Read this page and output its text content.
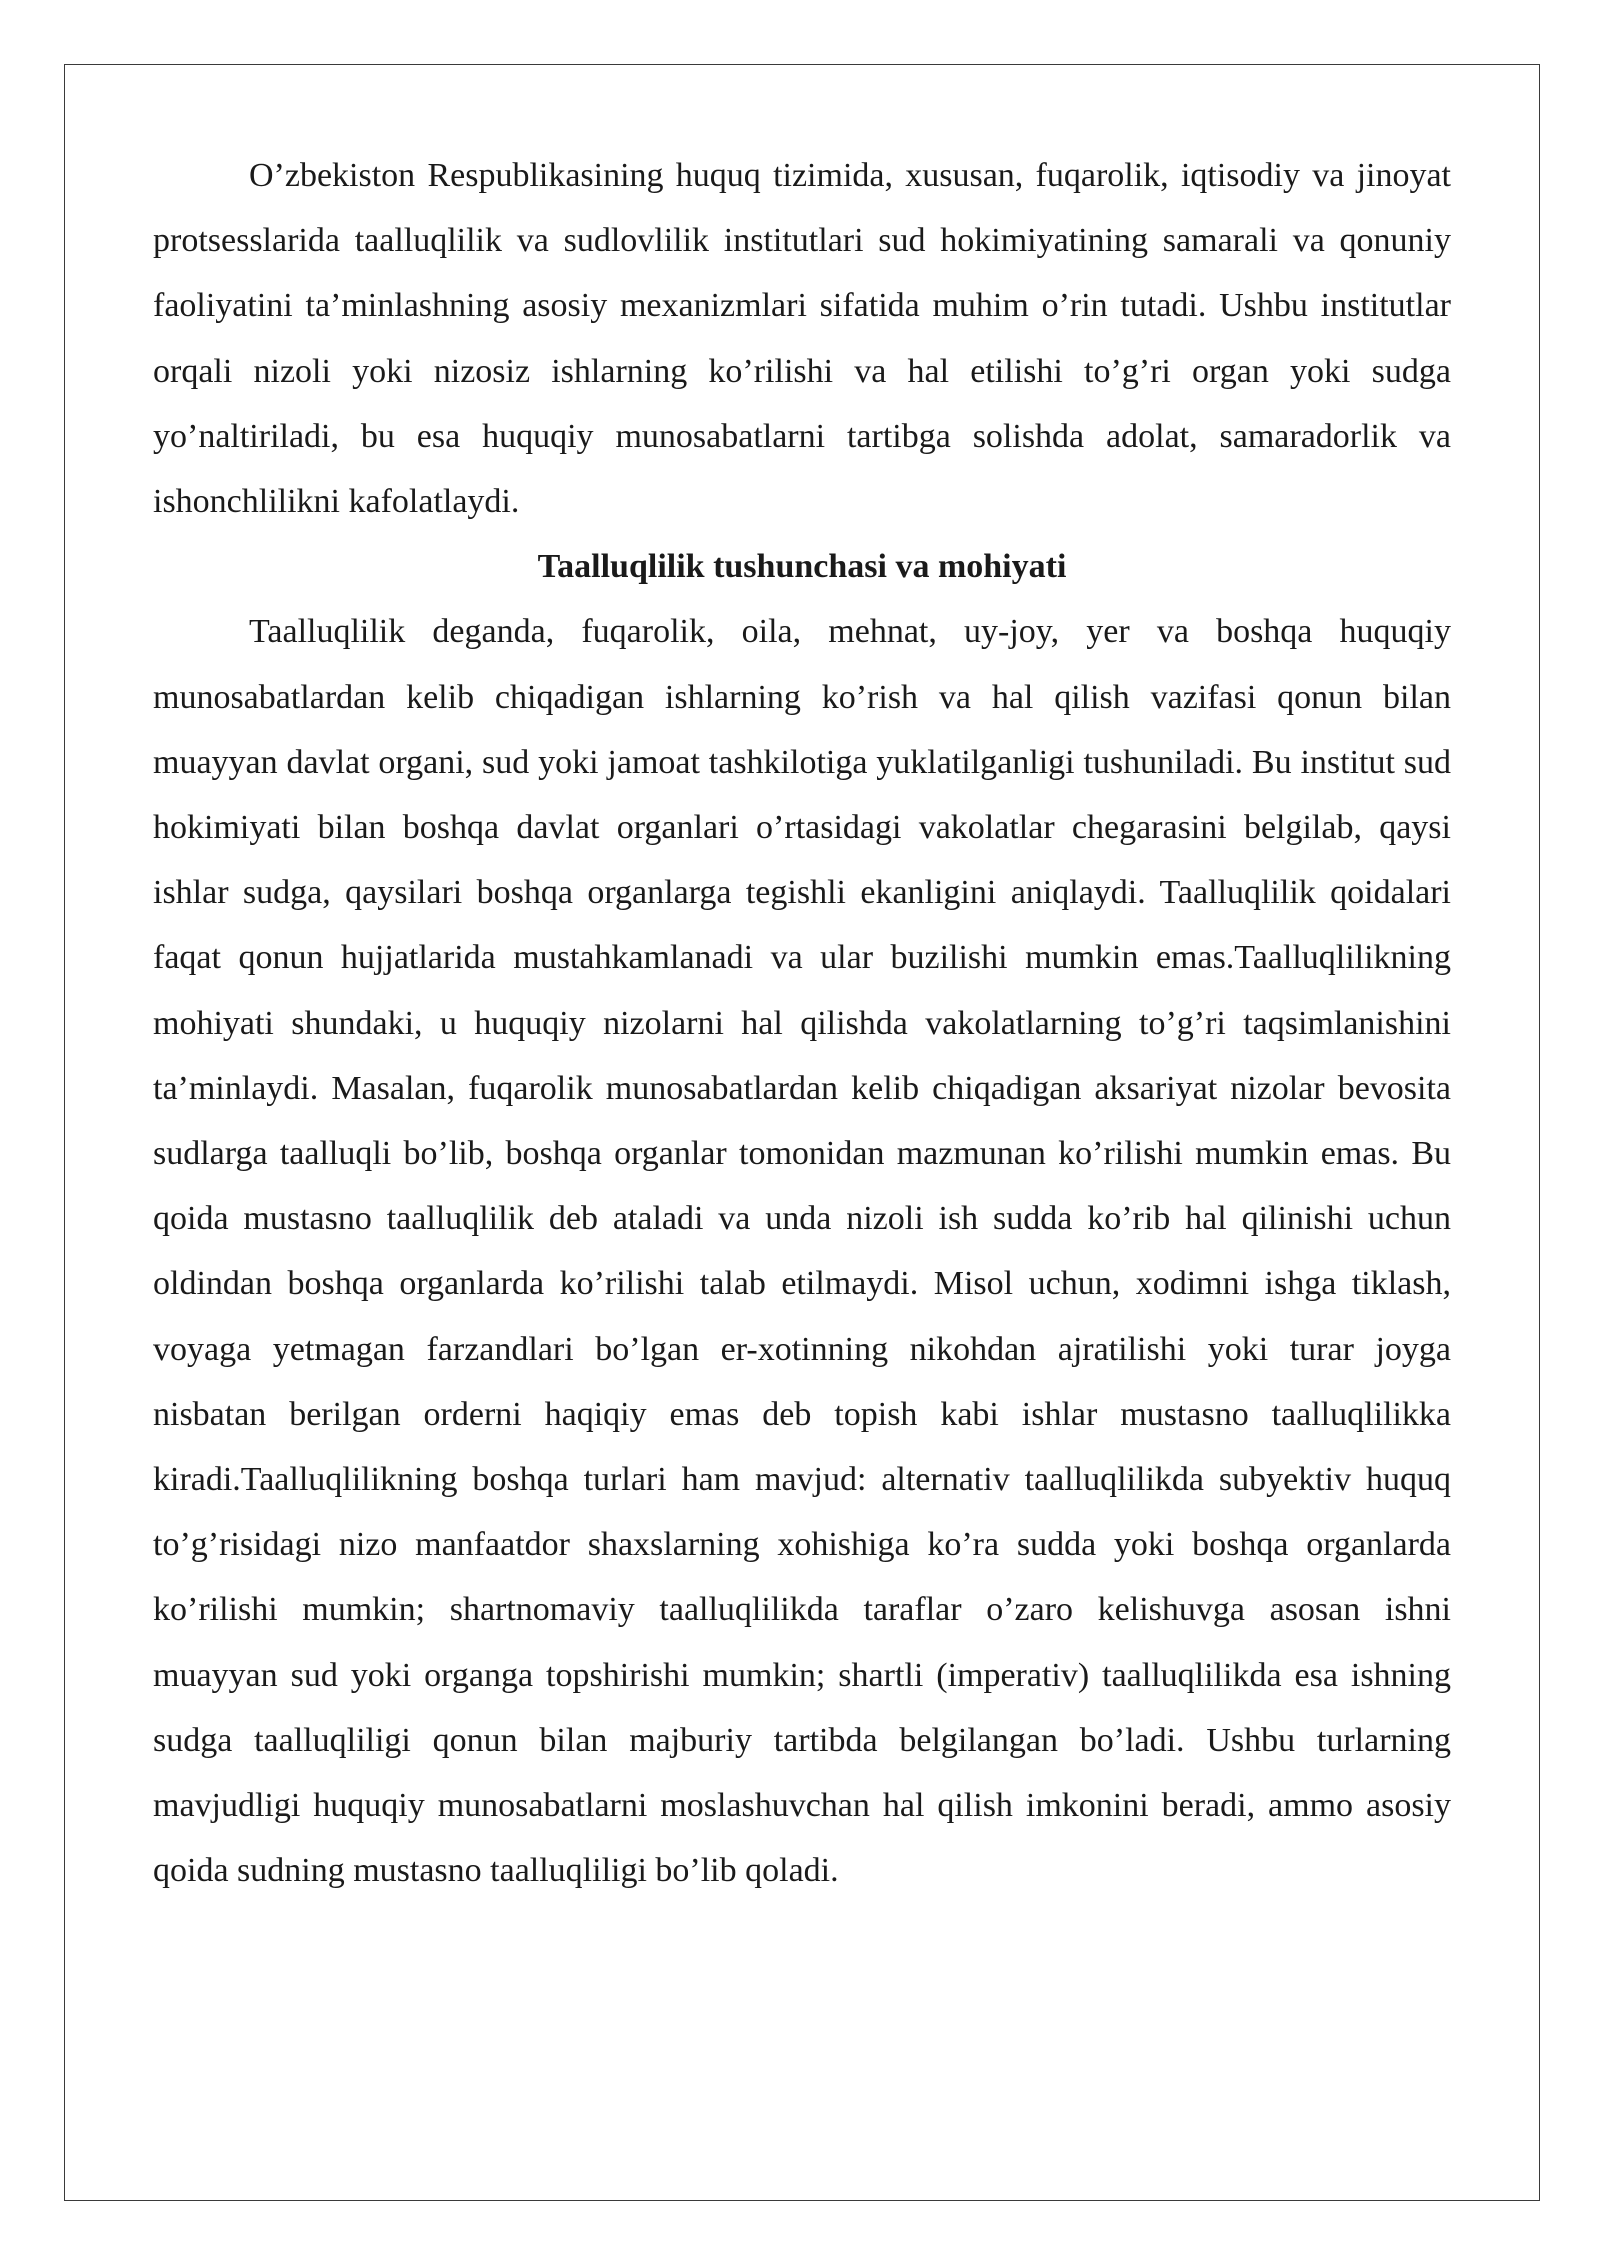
O’zbekiston Respublikasining huquq tizimida, xususan, fuqarolik, iqtisodiy va jinoyat protsesslarida taalluqlilik va sudlovlilik institutlari sud hokimiyatining samarali va qonuniy faoliyatini ta’minlashning asosiy mexanizmlari sifatida muhim o’rin tutadi. Ushbu institutlar orqali nizoli yoki nizosiz ishlarning ko’rilishi va hal etilishi to’g’ri organ yoki sudga yo’naltiriladi, bu esa huquqiy munosabatlarni tartibga solishda adolat, samaradorlik va ishonchlilikni kafolatlaydi.

Taalluqlilik tushunchasi va mohiyati

Taalluqlilik deganda, fuqarolik, oila, mehnat, uy-joy, yer va boshqa huquqiy munosabatlardan kelib chiqadigan ishlarning ko’rish va hal qilish vazifasi qonun bilan muayyan davlat organi, sud yoki jamoat tashkilotiga yuklatilganligi tushuniladi. Bu institut sud hokimiyati bilan boshqa davlat organlari o’rtasidagi vakolatlar chegarasini belgilab, qaysi ishlar sudga, qaysilari boshqa organlarga tegishli ekanligini aniqlaydi. Taalluqlilik qoidalari faqat qonun hujjatlarida mustahkamlanadi va ular buzilishi mumkin emas.Taalluqlilikning mohiyati shundaki, u huquqiy nizolarni hal qilishda vakolatlarning to’g’ri taqsimlanishini ta’minlaydi. Masalan, fuqarolik munosabatlardan kelib chiqadigan aksariyat nizolar bevosita sudlarga taalluqli bo’lib, boshqa organlar tomonidan mazmunan ko’rilishi mumkin emas. Bu qoida mustasno taalluqlilik deb ataladi va unda nizoli ish sudda ko’rib hal qilinishi uchun oldindan boshqa organlarda ko’rilishi talab etilmaydi. Misol uchun, xodimni ishga tiklash, voyaga yetmagan farzandlari bo’lgan er-xotinning nikohdan ajratilishi yoki turar joyga nisbatan berilgan orderni haqiqiy emas deb topish kabi ishlar mustasno taalluqlilikka kiradi.Taalluqlilikning boshqa turlari ham mavjud: alternativ taalluqlilikda subyektiv huquq to’g’risidagi nizo manfaatdor shaxslarning xohishiga ko’ra sudda yoki boshqa organlarda ko’rilishi mumkin; shartnomaviy taalluqlilikda taraflar o’zaro kelishuvga asosan ishni muayyan sud yoki organga topshirishi mumkin; shartli (imperativ) taalluqlilikda esa ishning sudga taalluqliligi qonun bilan majburiy tartibda belgilangan bo’ladi. Ushbu turlarning mavjudligi huquqiy munosabatlarni moslashuvchan hal qilish imkonini beradi, ammo asosiy qoida sudning mustasno taalluqliligi bo’lib qoladi.
